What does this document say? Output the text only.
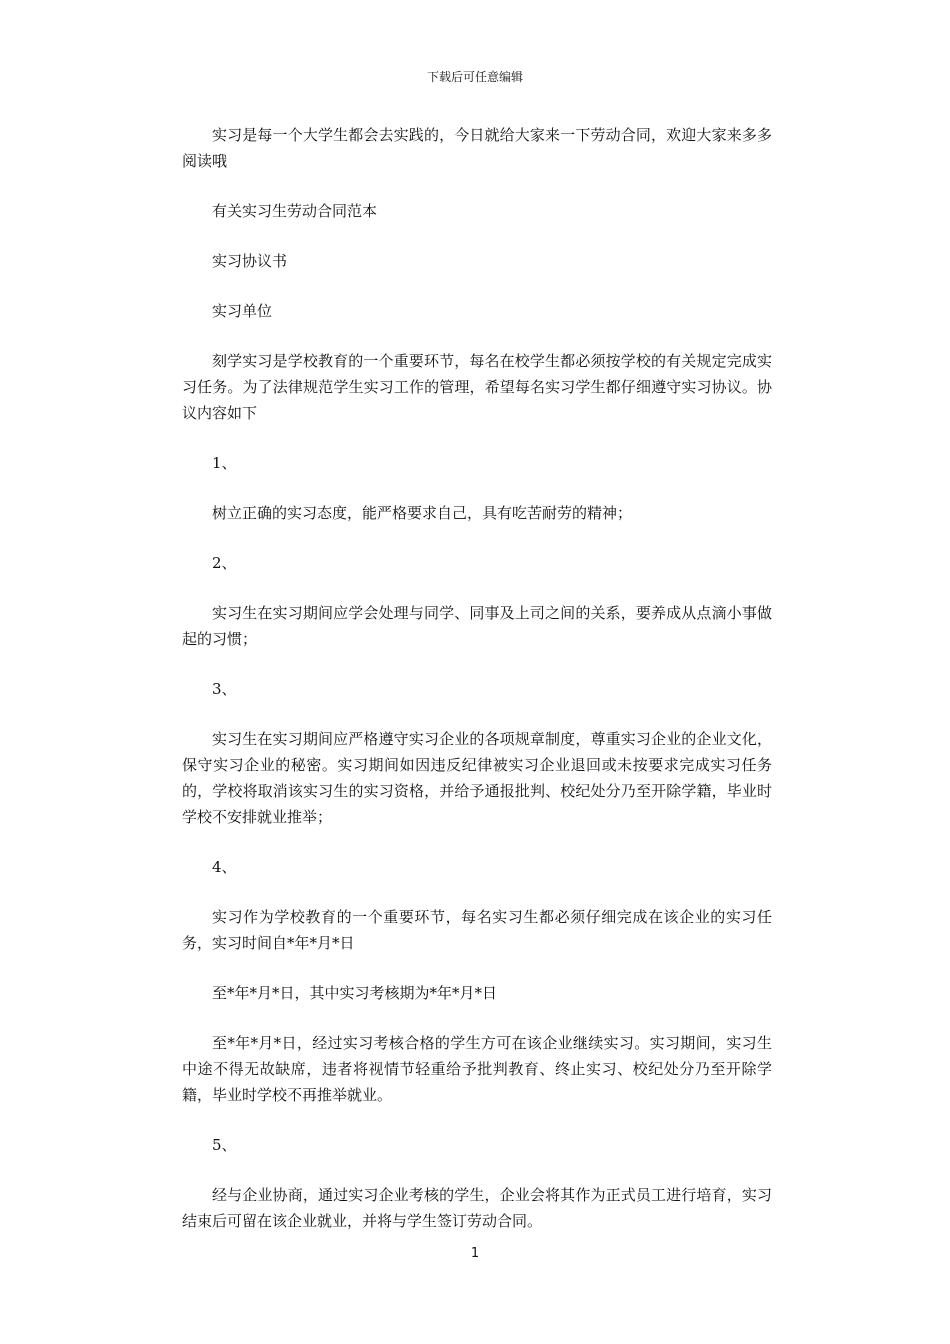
下载后可任意编辑

实习是每一个大学生都会去实践的，今日就给大家来一下劳动合同，欢迎大家来多多阅读哦

有关实习生劳动合同范本

实习协议书

实习单位

刻学实习是学校教育的一个重要环节，每名在校学生都必须按学校的有关规定完成实习任务。为了法律规范学生实习工作的管理，希望每名实习学生都仔细遵守实习协议。协议内容如下

1、

树立正确的实习态度，能严格要求自己，具有吃苦耐劳的精神；

2、

实习生在实习期间应学会处理与同学、同事及上司之间的关系，要养成从点滴小事做起的习惯；

3、

实习生在实习期间应严格遵守实习企业的各项规章制度，尊重实习企业的企业文化，保守实习企业的秘密。实习期间如因违反纪律被实习企业退回或未按要求完成实习任务的，学校将取消该实习生的实习资格，并给予通报批判、校纪处分乃至开除学籍，毕业时学校不安排就业推举；

4、

实习作为学校教育的一个重要环节，每名实习生都必须仔细完成在该企业的实习任务，实习时间自*年*月*日

至*年*月*日，其中实习考核期为*年*月*日

至*年*月*日，经过实习考核合格的学生方可在该企业继续实习。实习期间，实习生中途不得无故缺席，违者将视情节轻重给予批判教育、终止实习、校纪处分乃至开除学籍，毕业时学校不再推举就业。

5、

经与企业协商，通过实习企业考核的学生，企业会将其作为正式员工进行培育，实习结束后可留在该企业就业，并将与学生签订劳动合同。

1
